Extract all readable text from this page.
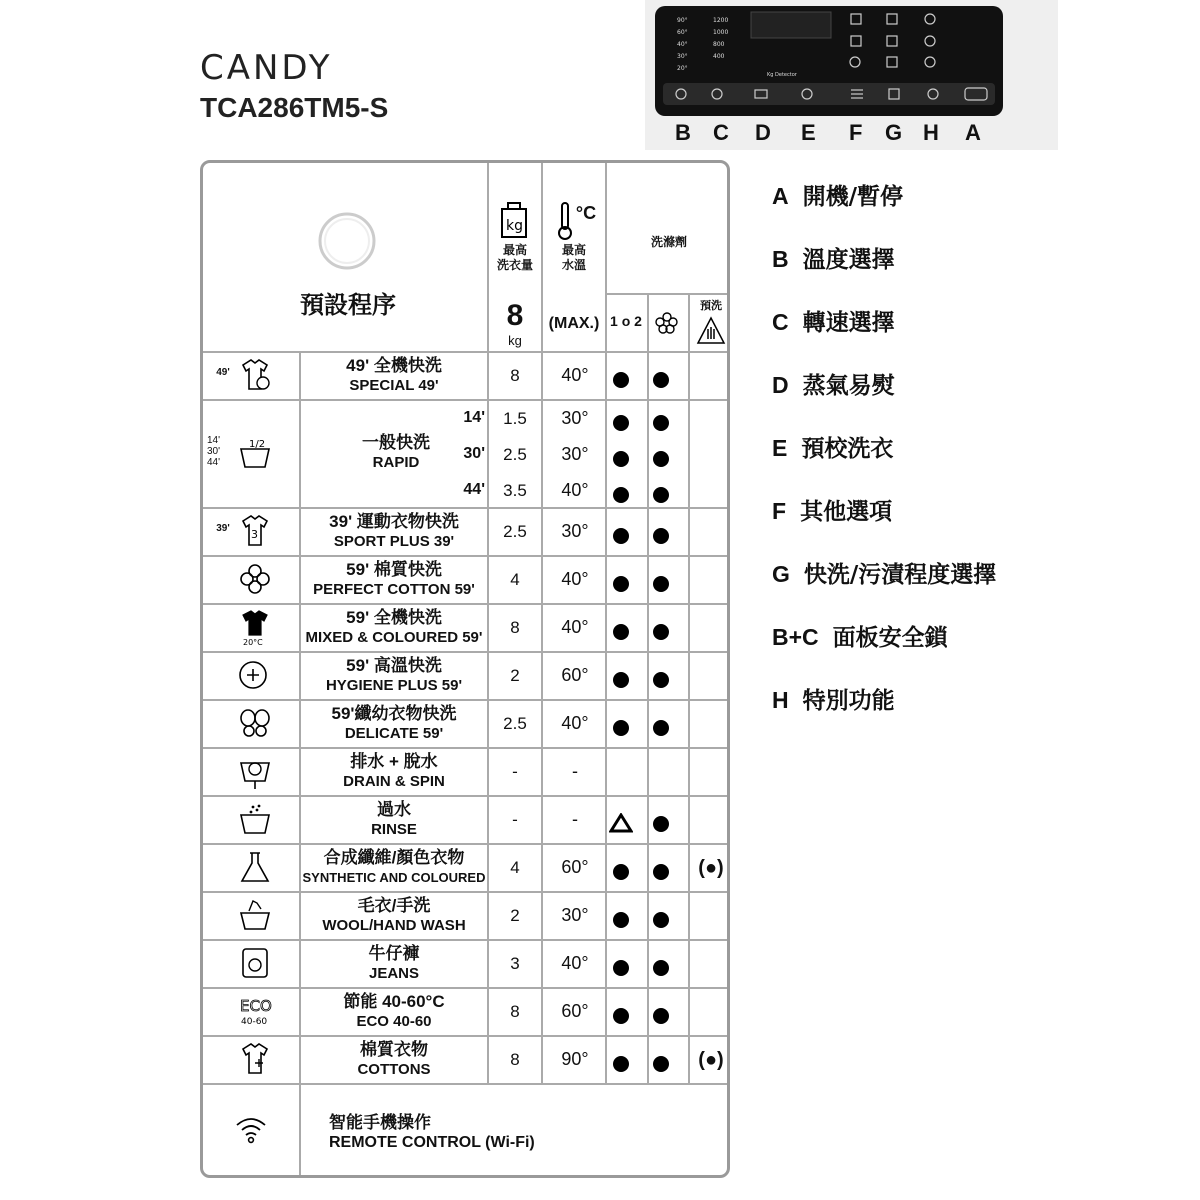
CANDY
TCA286TM5-S
90°
60°
40°
30°
20°
1200
1000
800
400
Kg Detector
B C D E F G H A
預設程序
kg
最高
洗衣量
8
kg
°C
最高
水溫
(MAX.)
洗滌劑
1 o 2
預洗
49'	49' 全機快洗
SPECIAL 49'
8	40°
1/2	一般快洗
RAPID
14'	1.5	30°
30'	2.5	30°
44'	3.5	40°
14'
30'
44'
3
39'	39' 運動衣物快洗
SPORT PLUS 39'
2.5	30°
59' 棉質快洗
PERFECT COTTON 59'
4	40°
20°C
59' 全機快洗
MIXED & COLOURED 59'
8	40°
59' 高溫快洗
HYGIENE PLUS 59'
2	60°
59'纖幼衣物快洗
DELICATE 59'
2.5	40°
排水 + 脫水
DRAIN & SPIN
-	-
過水
RINSE
-	-
合成纖維/顏色衣物
SYNTHETIC AND COLOURED
4	60°	(●)
毛衣/手洗
WOOL/HAND WASH
2	30°
牛仔褲
JEANS
3	40°
ECO
40-60
節能 40-60°C
ECO 40-60
8	60°
棉質衣物
COTTONS
8	90°	(●)
智能手機操作
REMOTE CONTROL (Wi-Fi)
A 開機/暫停
B 溫度選擇
C 轉速選擇
D 蒸氣易熨
E 預校洗衣
F 其他選項
G 快洗/污漬程度選擇
B+C 面板安全鎖
H 特別功能
